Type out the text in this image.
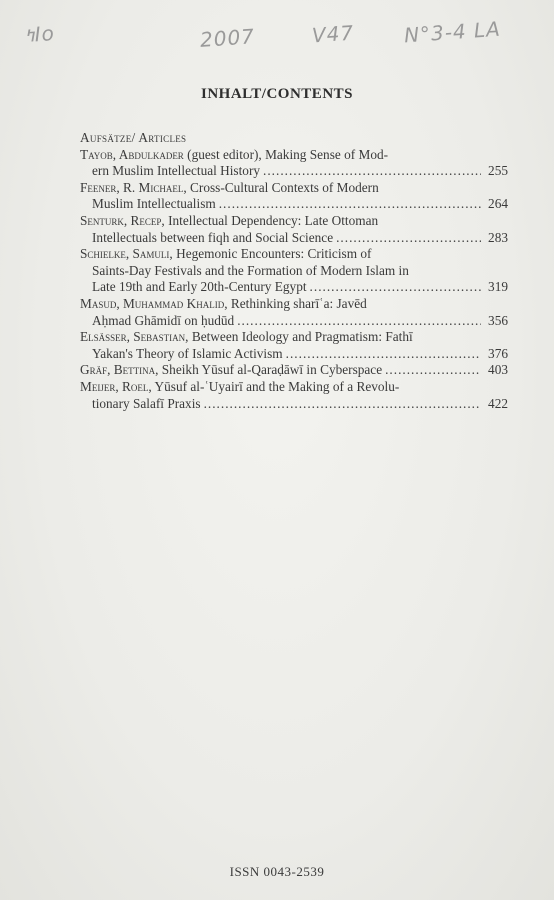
ߤIo	2007	V47 N°3-4 LA
INHALT/CONTENTS
Aufsätze/ Articles

Tayob, Abdulkader (guest editor), Making Sense of Mod-

ern Muslim Intellectual History .....	255

Feener, R. Michael, Cross-Cultural Contexts of Modern

Muslim Intellectualism .....	264

Senturk, Recep, Intellectual Dependency: Late Ottoman

Intellectuals between fiqh and Social Science .....	283

Schielke, Samuli, Hegemonic Encounters: Criticism of

Saints-Day Festivals and the Formation of Modern Islam in

Late 19th and Early 20th-Century Egypt .....	319

Masud, Muhammad Khalid, Rethinking sharīʿa: Javēd

Aḥmad Ghāmidī on ḥudūd .....	356

Elsässer, Sebastian, Between Ideology and Pragmatism: Fathī

Yakan's Theory of Islamic Activism .....	376
Gräf, Bettina, Sheikh Yūsuf al-Qaraḍāwī in Cyberspace .....	403

Meijer, Roel, Yūsuf al-ʿUyairī and the Making of a Revolu-

tionary Salafī Praxis .....	422
ISSN 0043-2539
